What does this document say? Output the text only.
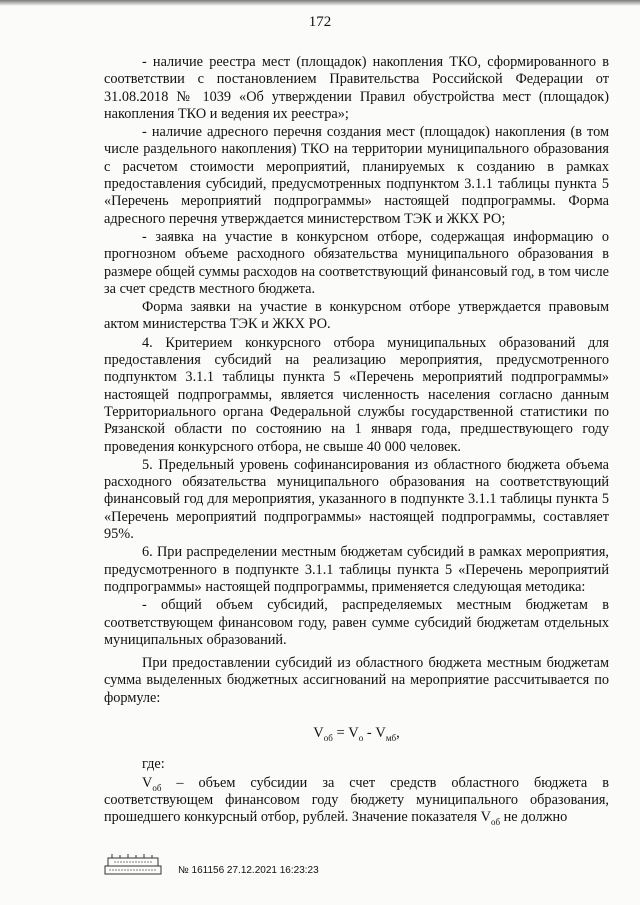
172

- наличие реестра мест (площадок) накопления ТКО, сформированного в соответствии с постановлением Правительства Российской Федерации от 31.08.2018 № 1039 «Об утверждении Правил обустройства мест (площадок) накопления ТКО и ведения их реестра»;

- наличие адресного перечня создания мест (площадок) накопления (в том числе раздельного накопления) ТКО на территории муниципального образования с расчетом стоимости мероприятий, планируемых к созданию в рамках предоставления субсидий, предусмотренных подпунктом 3.1.1 таблицы пункта 5 «Перечень мероприятий подпрограммы» настоящей подпрограммы. Форма адресного перечня утверждается министерством ТЭК и ЖКХ РО;

- заявка на участие в конкурсном отборе, содержащая информацию о прогнозном объеме расходного обязательства муниципального образования в размере общей суммы расходов на соответствующий финансовый год, в том числе за счет средств местного бюджета.

Форма заявки на участие в конкурсном отборе утверждается правовым актом министерства ТЭК и ЖКХ РО.

4. Критерием конкурсного отбора муниципальных образований для предоставления субсидий на реализацию мероприятия, предусмотренного подпунктом 3.1.1 таблицы пункта 5 «Перечень мероприятий подпрограммы» настоящей подпрограммы, является численность населения согласно данным Территориального органа Федеральной службы государственной статистики по Рязанской области по состоянию на 1 января года, предшествующего году проведения конкурсного отбора, не свыше 40 000 человек.

5. Предельный уровень софинансирования из областного бюджета объема расходного обязательства муниципального образования на соответствующий финансовый год для мероприятия, указанного в подпункте 3.1.1 таблицы пункта 5 «Перечень мероприятий подпрограммы» настоящей подпрограммы, составляет 95%.

6. При распределении местным бюджетам субсидий в рамках мероприятия, предусмотренного в подпункте 3.1.1 таблицы пункта 5 «Перечень мероприятий подпрограммы» настоящей подпрограммы, применяется следующая методика:

- общий объем субсидий, распределяемых местным бюджетам в соответствующем финансовом году, равен сумме субсидий бюджетам отдельных муниципальных образований.

При предоставлении субсидий из областного бюджета местным бюджетам сумма выделенных бюджетных ассигнований на мероприятие рассчитывается по формуле:

$V_{об} = V_о - V_{мб}$,

где:

$V_{об}$ – объем субсидии за счет средств областного бюджета в соответствующем финансовом году бюджету муниципального образования, прошедшего конкурсный отбор, рублей. Значение показателя $V_{об}$ не должно

№ 161156 27.12.2021 16:23:23
